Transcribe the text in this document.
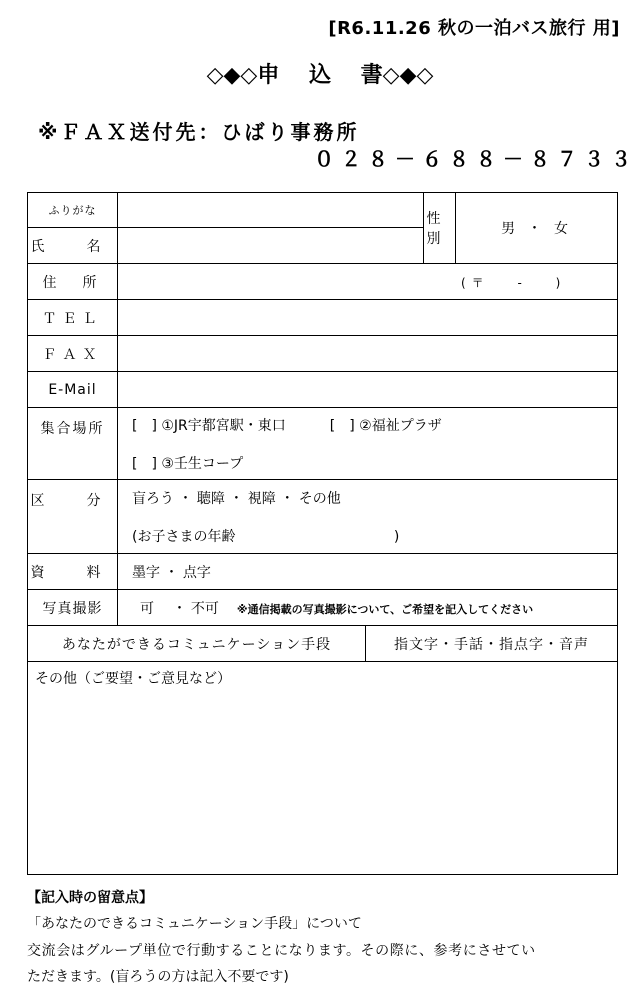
[R6.11.26 秋の一泊バス旅行 用]
◇◆◇申　 込　 書◇◆◇
※ＦＡＸ送付先：ひばり事務所
０２８－６８８－８７３３
ふりがな			性　別	男 ・ 女
氏　名				
住　所	(〒　 -　 )			

ＴＥＬ				
ＦＡＸ				
E-Mail				
集合場所	[　] ①JR宇都宮駅・東口 [　] ②福祉プラザ
[　] ③壬生コープ			

区　分	盲ろう ・ 聴障 ・ 視障 ・ その他
(お子さまの年齢　　　　　　　　　　　 )			

資　料	墨字 ・ 点字			
写真撮影	可　 ・ 不可 ※通信掲載の写真撮影について、ご希望を記入してください			
あなたができるコミュニケーション手段		指文字・手話・指点字・音声		
その他（ご要望・ご意見など）				
【記入時の留意点】
「あなたのできるコミュニケーション手段」について
交流会はグループ単位で行動することになります。その際に、参考にさせてい
ただきます。(盲ろうの方は記入不要です)
